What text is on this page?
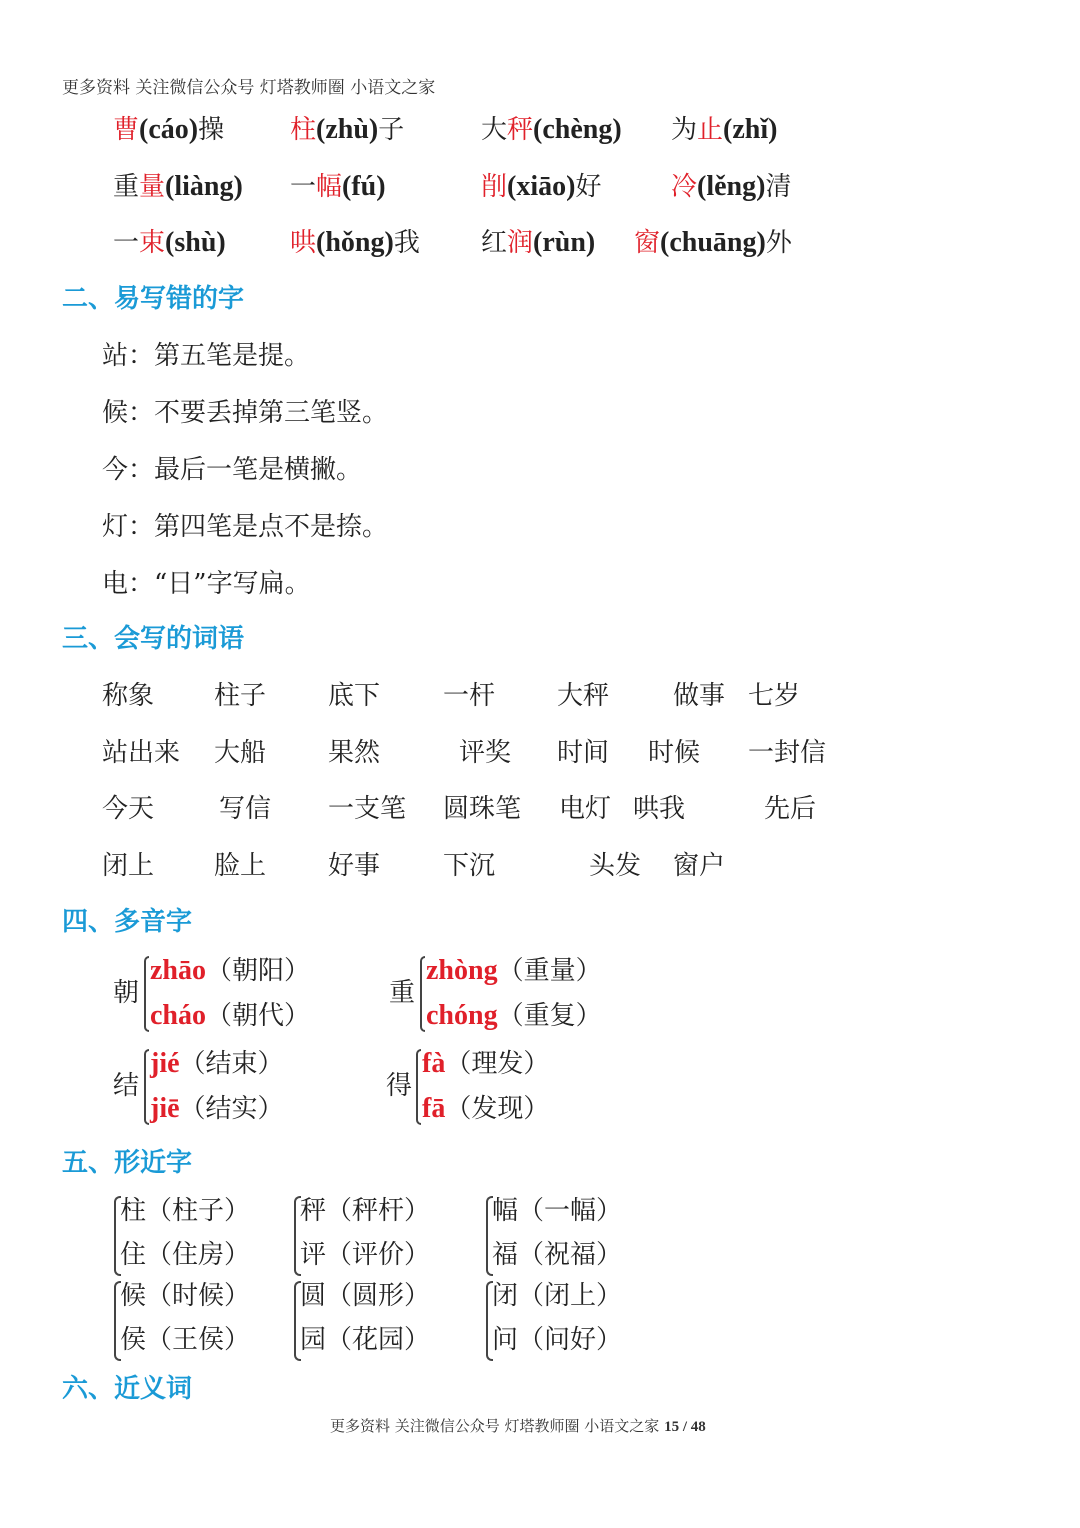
更多资料 关注微信公众号 灯塔教师圈 小语文之家
曹(cáo)操	柱(zhù)子	大秤(chèng) 为止(zhǐ)
重量(liàng) 一幅(fú)	削(xiāo)好	冷(lěng)清
一束(shù) 哄(hǒng)我 红润(rùn) 窗(chuāng)外
二、易写错的字
站：第五笔是提。
候：不要丢掉第三笔竖。
今：最后一笔是横撇。
灯：第四笔是点不是捺。
电：“日”字写扁。
三、会写的词语
称象 柱子 底下 一杆 大秤 做事 七岁
站出来 大船 果然	评奖 时间 时候 一封信
今天 写信 一支笔 圆珠笔 电灯 哄我	先后
闭上 脸上 好事 下沉	头发 窗户
四、多音字
朝
zhāo（朝阳）
cháo（朝代）
重
zhòng（重量）
chóng（重复）
结
jié（结束）
jiē（结实）
得
fà（理发）
fā（发现）
五、形近字
柱（柱子）
住（住房）
秤（秤杆）
评（评价）
幅（一幅）
福（祝福）
候（时候）
侯（王侯）
圆（圆形）
园（花园）
闭（闭上）
问（问好）
六、近义词
更多资料 关注微信公众号 灯塔教师圈 小语文之家 15 / 48
